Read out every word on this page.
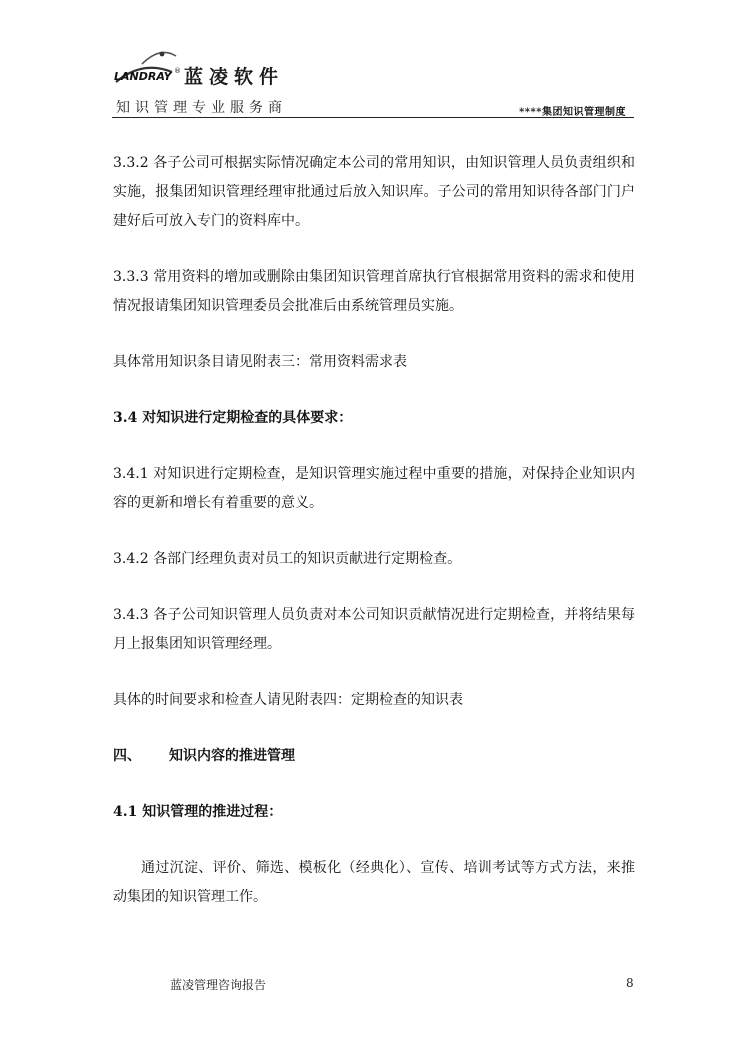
LANDRAY ® 蓝凌软件
知识管理专业服务商	****集团知识管理制度

3.3.2 各子公司可根据实际情况确定本公司的常用知识，由知识管理人员负责组织和实施，报集团知识管理经理审批通过后放入知识库。子公司的常用知识待各部门门户建好后可放入专门的资料库中。

3.3.3 常用资料的增加或删除由集团知识管理首席执行官根据常用资料的需求和使用情况报请集团知识管理委员会批准后由系统管理员实施。

具体常用知识条目请见附表三：常用资料需求表

3.4 对知识进行定期检查的具体要求：

3.4.1 对知识进行定期检查，是知识管理实施过程中重要的措施，对保持企业知识内容的更新和增长有着重要的意义。

3.4.2 各部门经理负责对员工的知识贡献进行定期检查。

3.4.3 各子公司知识管理人员负责对本公司知识贡献情况进行定期检查，并将结果每月上报集团知识管理经理。

具体的时间要求和检查人请见附表四：定期检查的知识表

四、 知识内容的推进管理

4.1 知识管理的推进过程：

通过沉淀、评价、筛选、模板化（经典化）、宣传、培训考试等方式方法，来推动集团的知识管理工作。

蓝凌管理咨询报告	8
